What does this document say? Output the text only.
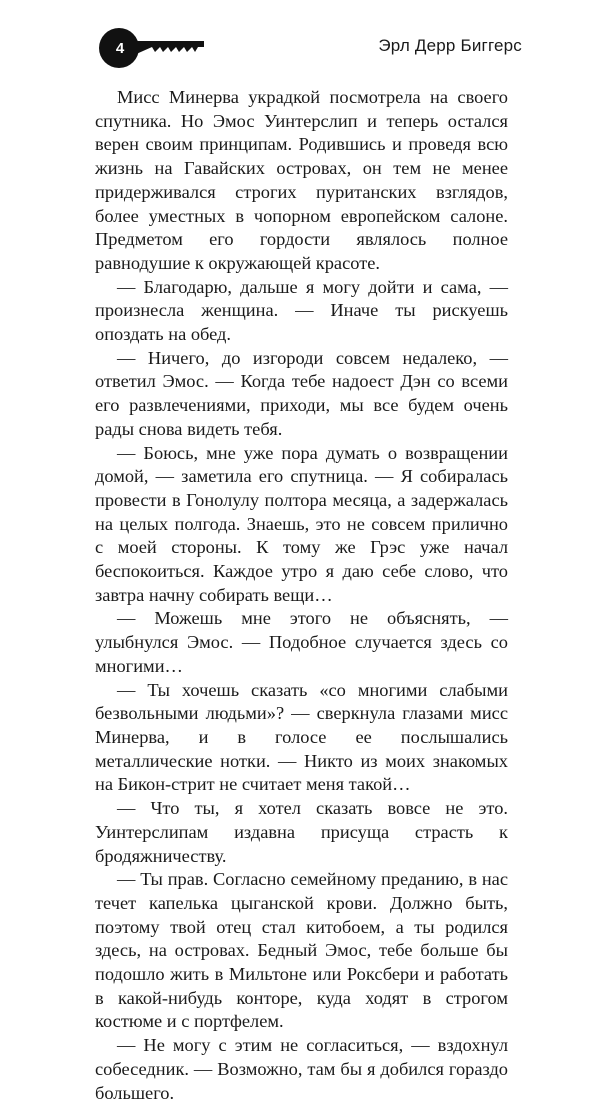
4	Эрл Дерр Биггерс

Мисс Минерва украдкой посмотрела на своего спутника. Но Эмос Уинтерслип и теперь остался верен своим принципам. Родившись и проведя всю жизнь на Гавайских островах, он тем не менее придерживался строгих пуританских взглядов, более уместных в чопорном европейском салоне. Предметом его гордости являлось полное равнодушие к окружающей красоте.

— Благодарю, дальше я могу дойти и сама, — произнесла женщина. — Иначе ты рискуешь опоздать на обед.

— Ничего, до изгороди совсем недалеко, — ответил Эмос. — Когда тебе надоест Дэн со всеми его развлечениями, приходи, мы все будем очень рады снова видеть тебя.

— Боюсь, мне уже пора думать о возвращении домой, — заметила его спутница. — Я собиралась провести в Гонолулу полтора месяца, а задержалась на целых полгода. Знаешь, это не совсем прилично с моей стороны. К тому же Грэс уже начал беспокоиться. Каждое утро я даю себе слово, что завтра начну собирать вещи…

— Можешь мне этого не объяснять, — улыбнулся Эмос. — Подобное случается здесь со многими…

— Ты хочешь сказать «со многими слабыми безвольными людьми»? — сверкнула глазами мисс Минерва, и в голосе ее послышались металлические нотки. — Никто из моих знакомых на Бикон-стрит не считает меня такой…

— Что ты, я хотел сказать вовсе не это. Уинтерслипам издавна присуща страсть к бродяжничеству.

— Ты прав. Согласно семейному преданию, в нас течет капелька цыганской крови. Должно быть, поэтому твой отец стал китобоем, а ты родился здесь, на островах. Бедный Эмос, тебе больше бы подошло жить в Мильтоне или Роксбери и работать в какой-нибудь конторе, куда ходят в строгом костюме и с портфелем.

— Не могу с этим не согласиться, — вздохнул собеседник. — Возможно, там бы я добился гораздо большего.
